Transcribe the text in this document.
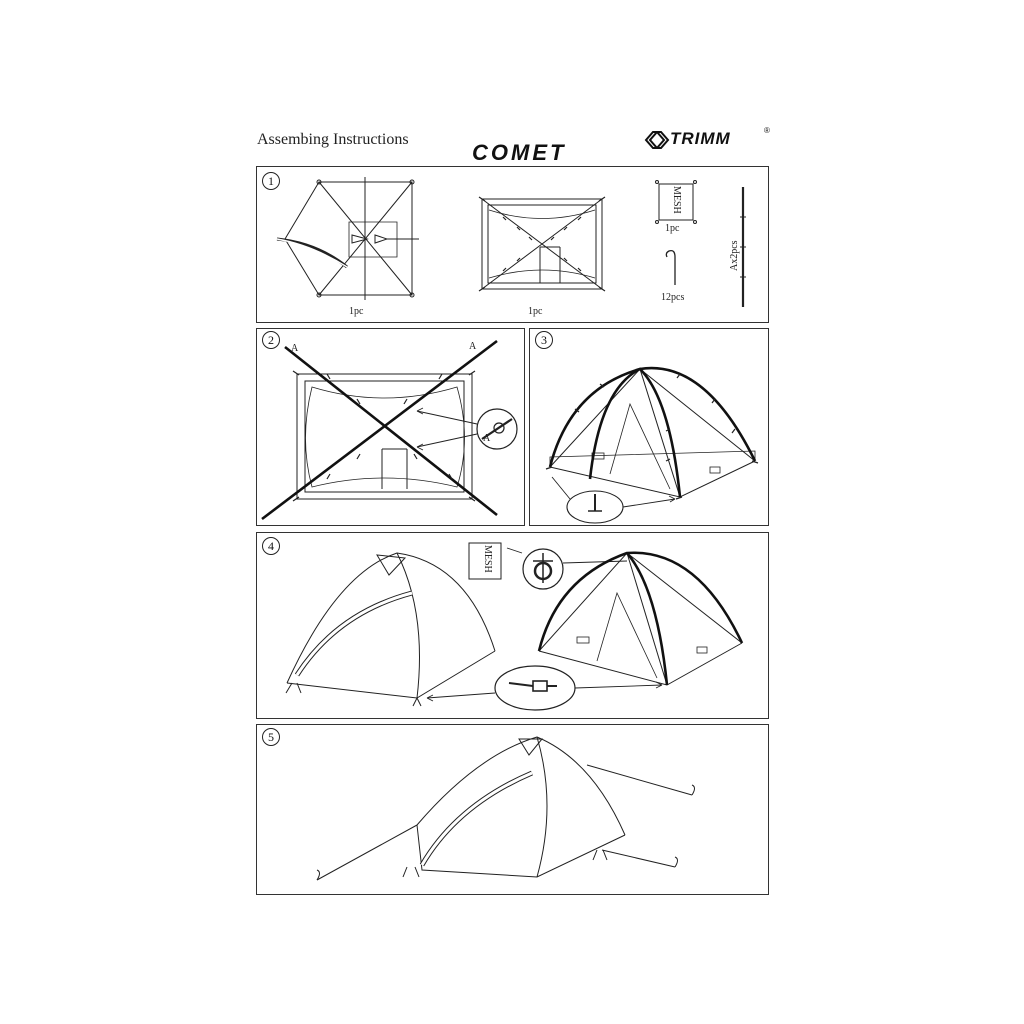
Assembing Instructions
COMET
TRIMM	®
1
1pc	1pc
MESH
1pc
12pcs
Ax2pcs
2
A	A
A
3
4	MESH
5
